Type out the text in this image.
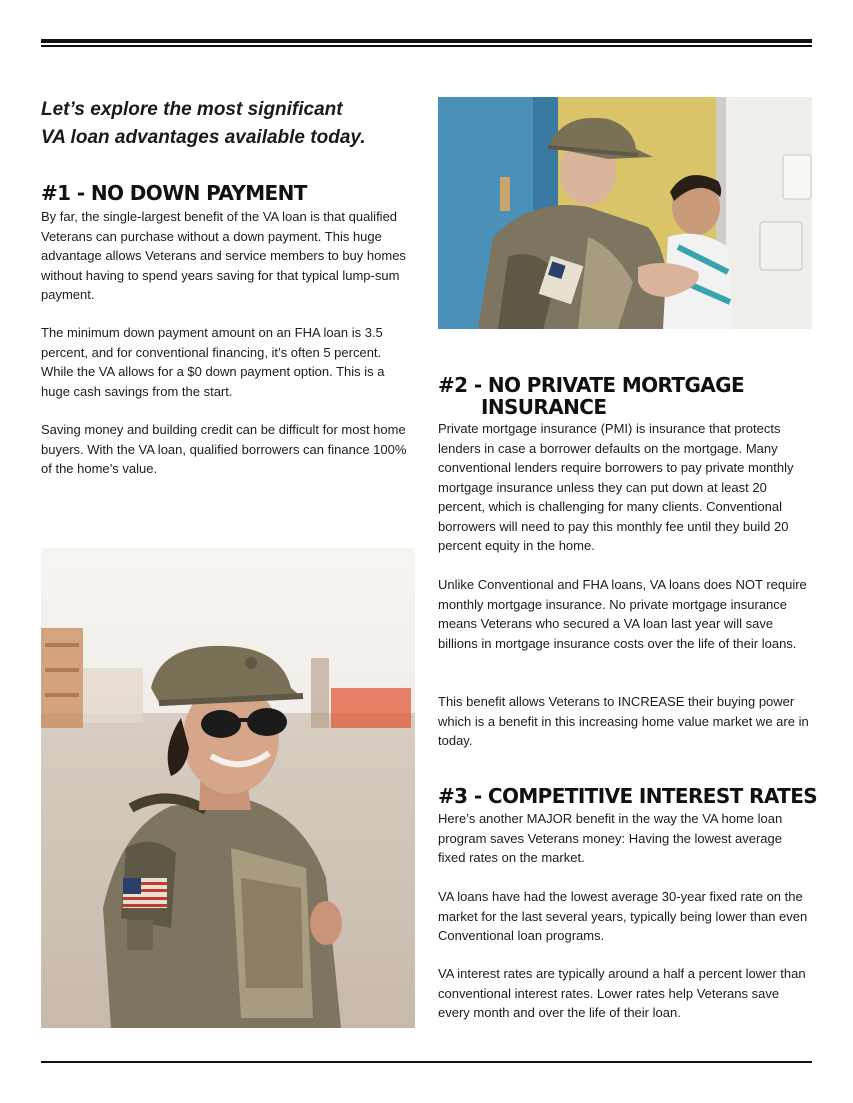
Let’s explore the most significant
VA loan advantages available today.

#1 - NO DOWN PAYMENT

By far, the single-largest benefit of the VA loan is that qualified Veterans can purchase without a down payment. This huge advantage allows Veterans and service members to buy homes without having to spend years saving for that typical lump-sum payment.

The minimum down payment amount on an FHA loan is 3.5 percent, and for conventional financing, it’s often 5 percent. While the VA allows for a $0 down payment option. This is a huge cash savings from the start.

Saving money and building credit can be difficult for most home buyers. With the VA loan, qualified borrowers can finance 100% of the home’s value.

#2 - NO PRIVATE MORTGAGE
INSURANCE

Private mortgage insurance (PMI) is insurance that protects lenders in case a borrower defaults on the mortgage. Many conventional lenders require borrowers to pay private monthly mortgage insurance unless they can put down at least 20 percent, which is challenging for many clients. Conventional borrowers will need to pay this monthly fee until they build 20 percent equity in the home.

Unlike Conventional and FHA loans, VA loans does NOT require monthly mortgage insurance. No private mortgage insurance means Veterans who secured a VA loan last year will save billions in mortgage insurance costs over the life of their loans.

This benefit allows Veterans to INCREASE their buying power which is a benefit in this increasing home value market we are in today.

#3 - COMPETITIVE INTEREST RATES

Here’s another MAJOR benefit in the way the VA home loan program saves Veterans money: Having the lowest average fixed rates on the market.

VA loans have had the lowest average 30-year fixed rate on the market for the last several years, typically being lower than even Conventional loan programs.

VA interest rates are typically around a half a percent lower than conventional interest rates. Lower rates help Veterans save every month and over the life of their loan.
